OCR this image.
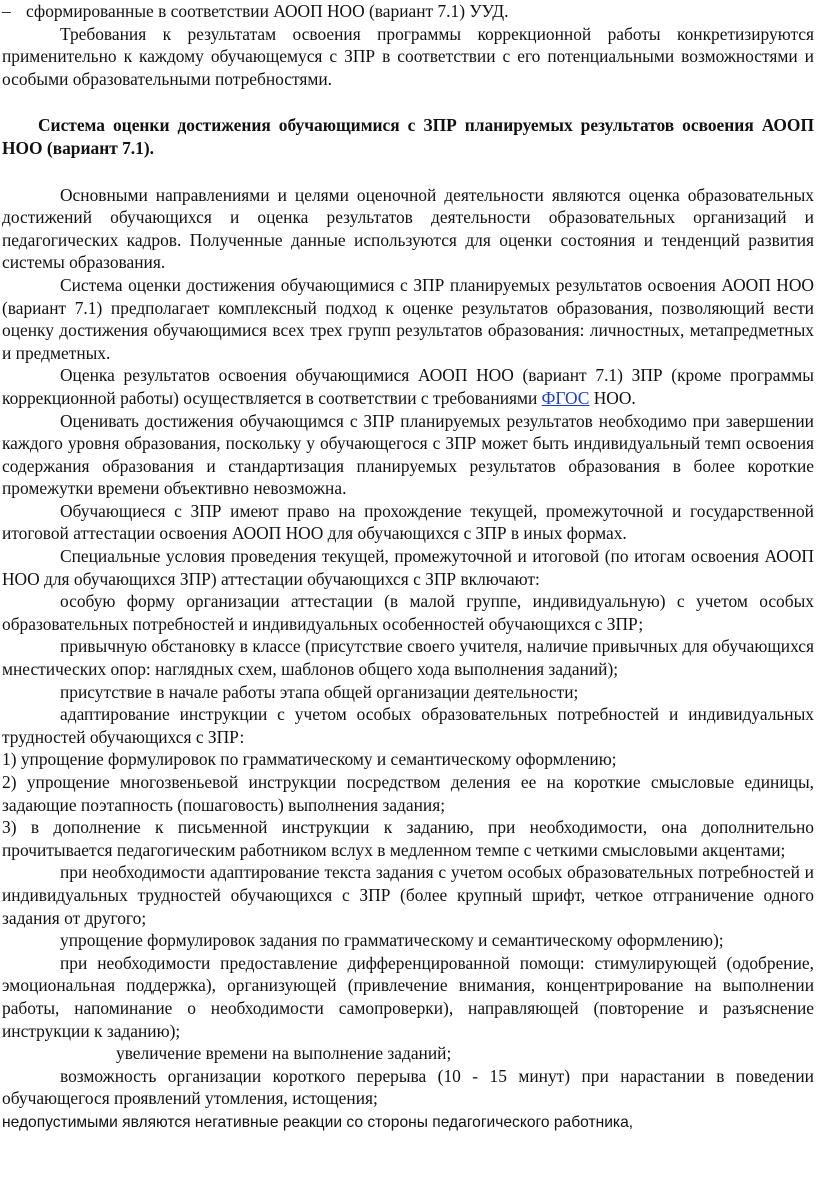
– сформированные в соответствии АООП НОО (вариант 7.1) УУД.

Требования к результатам освоения программы коррекционной работы конкретизируются применительно к каждому обучающемуся с ЗПР в соответствии с его потенциальными возможностями и особыми образовательными потребностями.

Система оценки достижения обучающимися с ЗПР планируемых результатов освоения АООП НОО (вариант 7.1).

Основными направлениями и целями оценочной деятельности являются оценка образовательных достижений обучающихся и оценка результатов деятельности образовательных организаций и педагогических кадров. Полученные данные используются для оценки состояния и тенденций развития системы образования.

Система оценки достижения обучающимися с ЗПР планируемых результатов освоения АООП НОО (вариант 7.1) предполагает комплексный подход к оценке результатов образования, позволяющий вести оценку достижения обучающимися всех трех групп результатов образования: личностных, метапредметных и предметных.

Оценка результатов освоения обучающимися АООП НОО (вариант 7.1) ЗПР (кроме программы коррекционной работы) осуществляется в соответствии с требованиями ФГОС НОО.

Оценивать достижения обучающимся с ЗПР планируемых результатов необходимо при завершении каждого уровня образования, поскольку у обучающегося с ЗПР может быть индивидуальный темп освоения содержания образования и стандартизация планируемых результатов образования в более короткие промежутки времени объективно невозможна.

Обучающиеся с ЗПР имеют право на прохождение текущей, промежуточной и государственной итоговой аттестации освоения АООП НОО для обучающихся с ЗПР в иных формах.

Специальные условия проведения текущей, промежуточной и итоговой (по итогам освоения АООП НОО для обучающихся ЗПР) аттестации обучающихся с ЗПР включают:

особую форму организации аттестации (в малой группе, индивидуальную) с учетом особых образовательных потребностей и индивидуальных особенностей обучающихся с ЗПР;

привычную обстановку в классе (присутствие своего учителя, наличие привычных для обучающихся мнестических опор: наглядных схем, шаблонов общего хода выполнения заданий);

присутствие в начале работы этапа общей организации деятельности;

адаптирование инструкции с учетом особых образовательных потребностей и индивидуальных трудностей обучающихся с ЗПР:

1) упрощение формулировок по грамматическому и семантическому оформлению;

2) упрощение многозвеньевой инструкции посредством деления ее на короткие смысловые единицы, задающие поэтапность (пошаговость) выполнения задания;

3) в дополнение к письменной инструкции к заданию, при необходимости, она дополнительно прочитывается педагогическим работником вслух в медленном темпе с четкими смысловыми акцентами;

при необходимости адаптирование текста задания с учетом особых образовательных потребностей и индивидуальных трудностей обучающихся с ЗПР (более крупный шрифт, четкое отграничение одного задания от другого;

упрощение формулировок задания по грамматическому и семантическому оформлению);

при необходимости предоставление дифференцированной помощи: стимулирующей (одобрение, эмоциональная поддержка), организующей (привлечение внимания, концентрирование на выполнении работы, напоминание о необходимости самопроверки), направляющей (повторение и разъяснение инструкции к заданию);

увеличение времени на выполнение заданий;

возможность организации короткого перерыва (10 - 15 минут) при нарастании в поведении обучающегося проявлений утомления, истощения;

недопустимыми являются негативные реакции со стороны педагогического работника,
